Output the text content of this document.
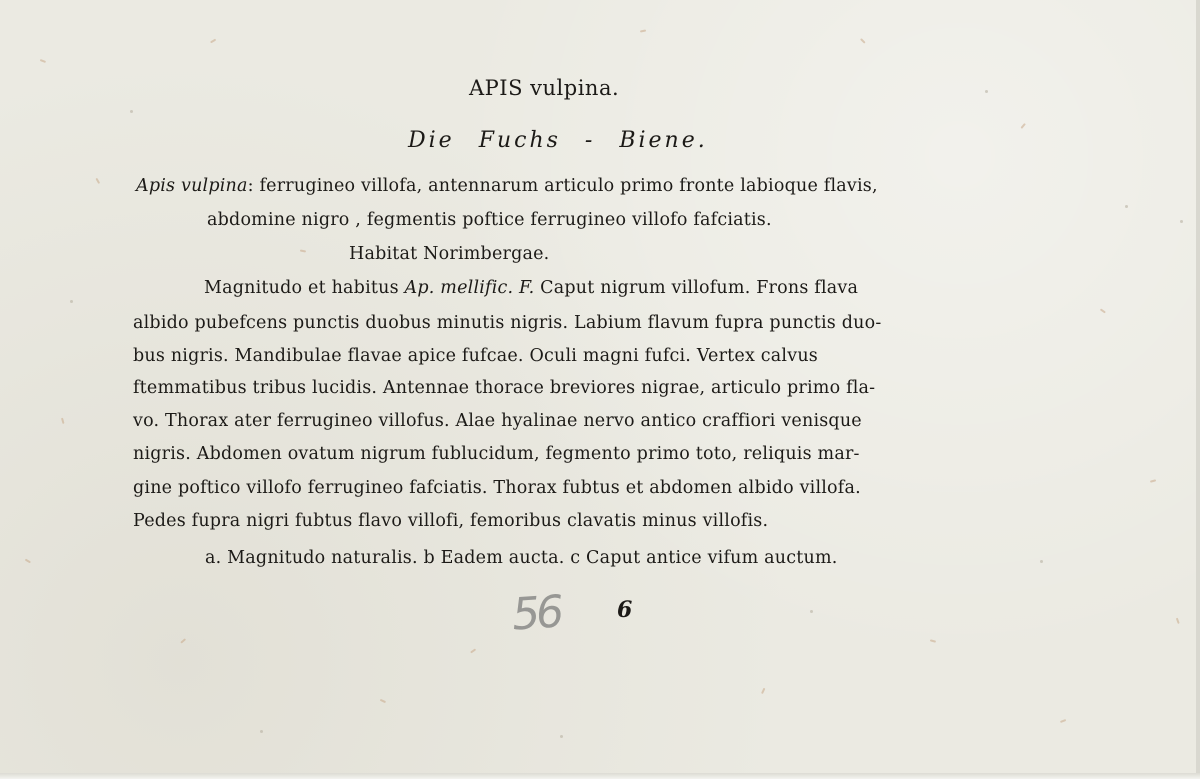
APIS vulpina.
Die Fuchs - Biene.
Apis vulpina: ferrugineo villofa, antennarum articulo primo fronte labioque flavis,
abdomine nigro , fegmentis poftice ferrugineo villofo fafciatis.
Habitat Norimbergae.
Magnitudo et habitus Ap. mellific. F. Caput nigrum villofum. Frons flava
albido pubefcens punctis duobus minutis nigris. Labium flavum fupra punctis duo-
bus nigris. Mandibulae flavae apice fufcae. Oculi magni fufci. Vertex calvus
ftemmatibus tribus lucidis. Antennae thorace breviores nigrae, articulo primo fla-
vo. Thorax ater ferrugineo villofus. Alae hyalinae nervo antico craffiori venisque
nigris. Abdomen ovatum nigrum fublucidum, fegmento primo toto, reliquis mar-
gine poftico villofo ferrugineo fafciatis. Thorax fubtus et abdomen albido villofa.
Pedes fupra nigri fubtus flavo villofi, femoribus clavatis minus villofis.
a. Magnitudo naturalis. b Eadem aucta. c Caput antice vifum auctum.
56	6
